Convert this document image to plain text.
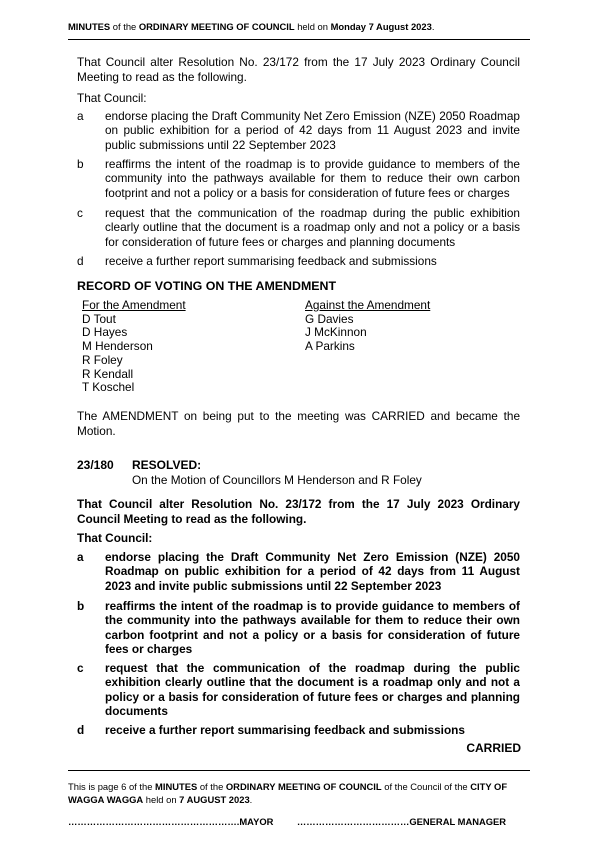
MINUTES of the ORDINARY MEETING OF COUNCIL held on Monday 7 August 2023.

That Council alter Resolution No. 23/172 from the 17 July 2023 Ordinary Council Meeting to read as the following.

That Council:

a endorse placing the Draft Community Net Zero Emission (NZE) 2050 Roadmap on public exhibition for a period of 42 days from 11 August 2023 and invite public submissions until 22 September 2023
b reaffirms the intent of the roadmap is to provide guidance to members of the community into the pathways available for them to reduce their own carbon footprint and not a policy or a basis for consideration of future fees or charges
c request that the communication of the roadmap during the public exhibition clearly outline that the document is a roadmap only and not a policy or a basis for consideration of future fees or charges and planning documents
d receive a further report summarising feedback and submissions
RECORD OF VOTING ON THE AMENDMENT
For the Amendment
D Tout
D Hayes
M Henderson
R Foley
R Kendall
T Koschel
Against the Amendment
G Davies
J McKinnon
A Parkins

The AMENDMENT on being put to the meeting was CARRIED and became the Motion.

23/180 RESOLVED:
On the Motion of Councillors M Henderson and R Foley

That Council alter Resolution No. 23/172 from the 17 July 2023 Ordinary Council Meeting to read as the following.

That Council:

a endorse placing the Draft Community Net Zero Emission (NZE) 2050 Roadmap on public exhibition for a period of 42 days from 11 August 2023 and invite public submissions until 22 September 2023
b reaffirms the intent of the roadmap is to provide guidance to members of the community into the pathways available for them to reduce their own carbon footprint and not a policy or a basis for consideration of future fees or charges
c request that the communication of the roadmap during the public exhibition clearly outline that the document is a roadmap only and not a policy or a basis for consideration of future fees or charges and planning documents
d receive a further report summarising feedback and submissions
CARRIED
This is page 6 of the MINUTES of the ORDINARY MEETING OF COUNCIL of the Council of the CITY OF WAGGA WAGGA held on 7 AUGUST 2023.
……………………………………………….MAYOR ………………………………GENERAL MANAGER
